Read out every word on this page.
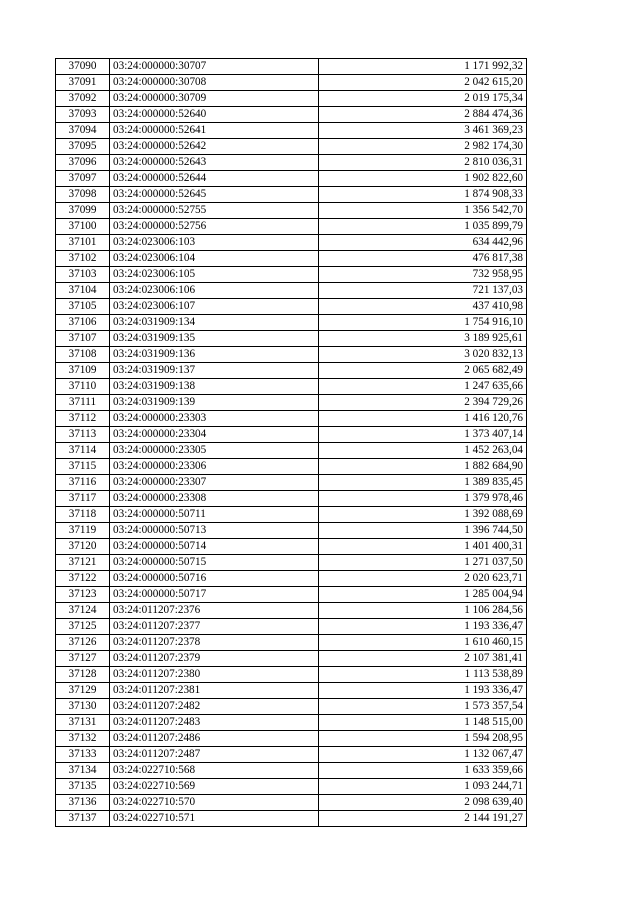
37090	03:24:000000:30707	1 171 992,32
37091	03:24:000000:30708	2 042 615,20
37092	03:24:000000:30709	2 019 175,34
37093	03:24:000000:52640	2 884 474,36
37094	03:24:000000:52641	3 461 369,23
37095	03:24:000000:52642	2 982 174,30
37096	03:24:000000:52643	2 810 036,31
37097	03:24:000000:52644	1 902 822,60
37098	03:24:000000:52645	1 874 908,33
37099	03:24:000000:52755	1 356 542,70
37100	03:24:000000:52756	1 035 899,79
37101	03:24:023006:103	634 442,96
37102	03:24:023006:104	476 817,38
37103	03:24:023006:105	732 958,95
37104	03:24:023006:106	721 137,03
37105	03:24:023006:107	437 410,98
37106	03:24:031909:134	1 754 916,10
37107	03:24:031909:135	3 189 925,61
37108	03:24:031909:136	3 020 832,13
37109	03:24:031909:137	2 065 682,49
37110	03:24:031909:138	1 247 635,66
37111	03:24:031909:139	2 394 729,26
37112	03:24:000000:23303	1 416 120,76
37113	03:24:000000:23304	1 373 407,14
37114	03:24:000000:23305	1 452 263,04
37115	03:24:000000:23306	1 882 684,90
37116	03:24:000000:23307	1 389 835,45
37117	03:24:000000:23308	1 379 978,46
37118	03:24:000000:50711	1 392 088,69
37119	03:24:000000:50713	1 396 744,50
37120	03:24:000000:50714	1 401 400,31
37121	03:24:000000:50715	1 271 037,50
37122	03:24:000000:50716	2 020 623,71
37123	03:24:000000:50717	1 285 004,94
37124	03:24:011207:2376	1 106 284,56
37125	03:24:011207:2377	1 193 336,47
37126	03:24:011207:2378	1 610 460,15
37127	03:24:011207:2379	2 107 381,41
37128	03:24:011207:2380	1 113 538,89
37129	03:24:011207:2381	1 193 336,47
37130	03:24:011207:2482	1 573 357,54
37131	03:24:011207:2483	1 148 515,00
37132	03:24:011207:2486	1 594 208,95
37133	03:24:011207:2487	1 132 067,47
37134	03:24:022710:568	1 633 359,66
37135	03:24:022710:569	1 093 244,71
37136	03:24:022710:570	2 098 639,40
37137	03:24:022710:571	2 144 191,27
